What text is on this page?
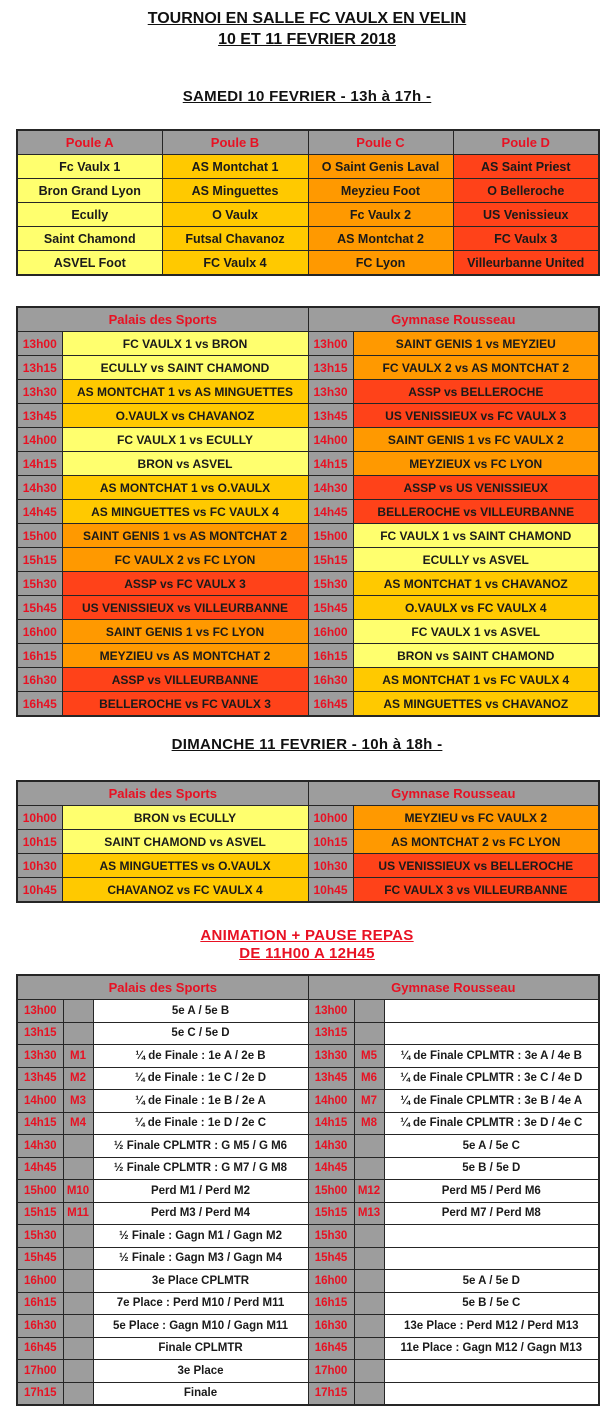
TOURNOI EN SALLE FC VAULX EN VELIN
10 ET 11 FEVRIER 2018
SAMEDI 10 FEVRIER - 13h à 17h -
Poule A	Poule B	Poule C	Poule D
Fc Vaulx 1	AS Montchat 1	O Saint Genis Laval	AS Saint Priest
Bron Grand Lyon	AS Minguettes	Meyzieu Foot	O Belleroche
Ecully	O Vaulx	Fc Vaulx 2	US Venissieux
Saint Chamond	Futsal Chavanoz	AS Montchat 2	FC Vaulx 3
ASVEL Foot	FC Vaulx 4	FC Lyon	Villeurbanne United
Palais des Sports		Gymnase Rousseau	
13h00	FC VAULX 1 vs BRON	13h00	SAINT GENIS 1 vs MEYZIEU
13h15	ECULLY vs SAINT CHAMOND	13h15	FC VAULX 2 vs AS MONTCHAT 2
13h30	AS MONTCHAT 1 vs AS MINGUETTES	13h30	ASSP vs BELLEROCHE
13h45	O.VAULX vs CHAVANOZ	13h45	US VENISSIEUX vs FC VAULX 3
14h00	FC VAULX 1 vs ECULLY	14h00	SAINT GENIS 1 vs FC VAULX 2
14h15	BRON vs ASVEL	14h15	MEYZIEUX vs FC LYON
14h30	AS MONTCHAT 1 vs O.VAULX	14h30	ASSP vs US VENISSIEUX
14h45	AS MINGUETTES vs FC VAULX 4	14h45	BELLEROCHE vs VILLEURBANNE
15h00	SAINT GENIS 1 vs AS MONTCHAT 2	15h00	FC VAULX 1 vs SAINT CHAMOND
15h15	FC VAULX 2 vs FC LYON	15h15	ECULLY vs ASVEL
15h30	ASSP vs FC VAULX 3	15h30	AS MONTCHAT 1 vs CHAVANOZ
15h45	US VENISSIEUX vs VILLEURBANNE	15h45	O.VAULX vs FC VAULX 4
16h00	SAINT GENIS 1 vs FC LYON	16h00	FC VAULX 1 vs ASVEL
16h15	MEYZIEU vs AS MONTCHAT 2	16h15	BRON vs SAINT CHAMOND
16h30	ASSP vs VILLEURBANNE	16h30	AS MONTCHAT 1 vs FC VAULX 4
16h45	BELLEROCHE vs FC VAULX 3	16h45	AS MINGUETTES vs CHAVANOZ
DIMANCHE 11 FEVRIER - 10h à 18h -
Palais des Sports		Gymnase Rousseau	
10h00	BRON vs ECULLY	10h00	MEYZIEU vs FC VAULX 2
10h15	SAINT CHAMOND vs ASVEL	10h15	AS MONTCHAT 2 vs FC LYON
10h30	AS MINGUETTES vs O.VAULX	10h30	US VENISSIEUX vs BELLEROCHE
10h45	CHAVANOZ vs FC VAULX 4	10h45	FC VAULX 3 vs VILLEURBANNE
ANIMATION + PAUSE REPAS
DE 11H00 A 12H45
Palais des Sports			Gymnase Rousseau		
13h00		5e A / 5e B	13h00		
13h15		5e C / 5e D	13h15		
13h30	M1	¼ de Finale : 1e A / 2e B	13h30	M5	¼ de Finale CPLMTR : 3e A / 4e B
13h45	M2	¼ de Finale : 1e C / 2e D	13h45	M6	¼ de Finale CPLMTR : 3e C / 4e D
14h00	M3	¼ de Finale : 1e B / 2e A	14h00	M7	¼ de Finale CPLMTR : 3e B / 4e A
14h15	M4	¼ de Finale : 1e D / 2e C	14h15	M8	¼ de Finale CPLMTR : 3e D / 4e C
14h30		½ Finale CPLMTR : G M5 / G M6	14h30		5e A / 5e C
14h45		½ Finale CPLMTR : G M7 / G M8	14h45		5e B / 5e D
15h00	M10	Perd M1 / Perd M2	15h00	M12	Perd M5 / Perd M6
15h15	M11	Perd M3 / Perd M4	15h15	M13	Perd M7 / Perd M8
15h30		½ Finale : Gagn M1 / Gagn M2	15h30		
15h45		½ Finale : Gagn M3 / Gagn M4	15h45		
16h00		3e Place CPLMTR	16h00		5e A / 5e D
16h15		7e Place : Perd M10 / Perd M11	16h15		5e B / 5e C
16h30		5e Place : Gagn M10 / Gagn M11	16h30		13e Place : Perd M12 / Perd M13
16h45		Finale CPLMTR	16h45		11e Place : Gagn M12 / Gagn M13
17h00		3e Place	17h00		
17h15		Finale	17h15		
